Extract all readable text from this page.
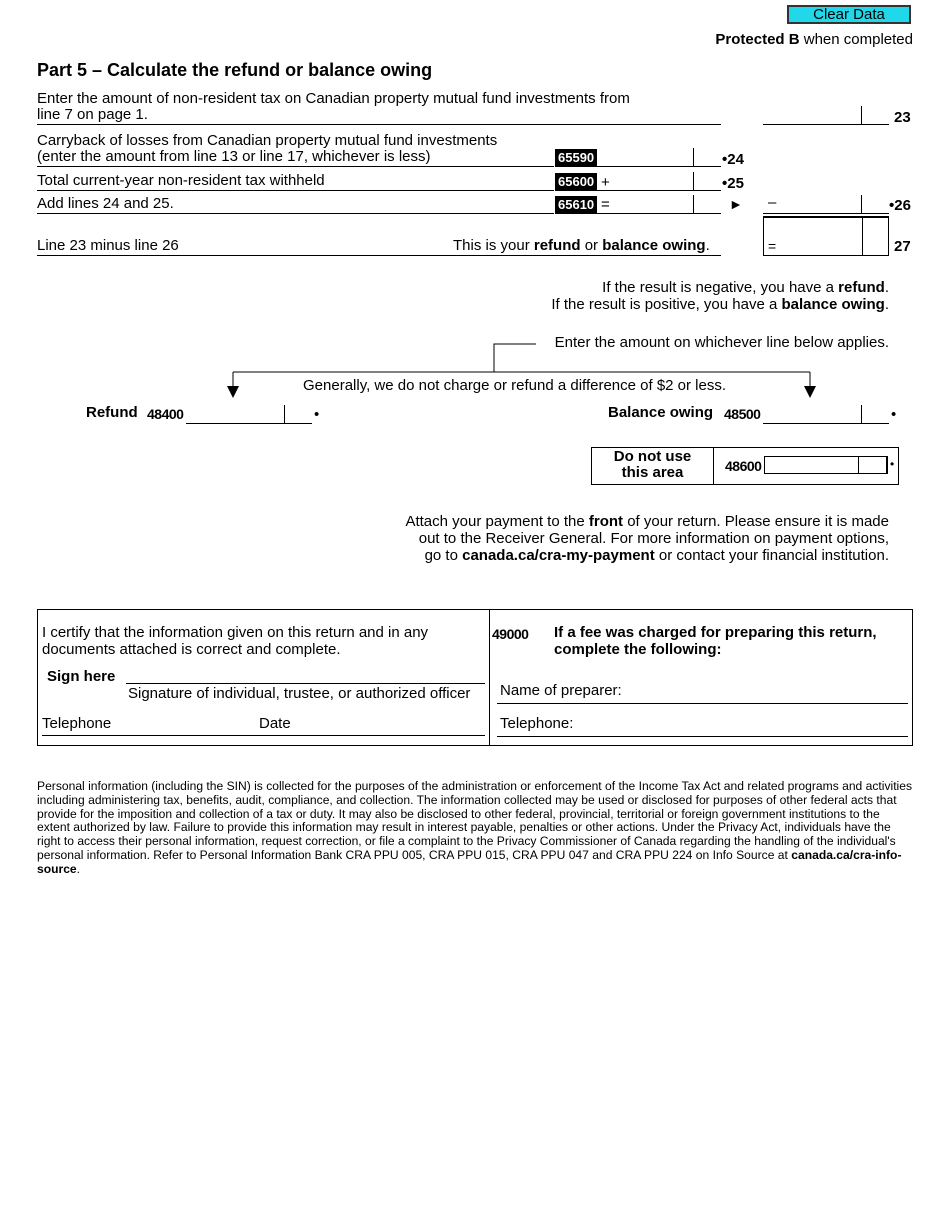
Clear Data
Protected B when completed
Part 5 – Calculate the refund or balance owing
Enter the amount of non-resident tax on Canadian property mutual fund investments from
line 7 on page 1.	23
Carryback of losses from Canadian property mutual fund investments
(enter the amount from line 13 or line 17, whichever is less)	65590	•24
Total current-year non-resident tax withheld	65600 +	•25
Add lines 24 and 25.	65610 =	► –	•26
Line 23 minus line 26	This is your refund or balance owing.	=	27
If the result is negative, you have a refund.
If the result is positive, you have a balance owing.
Enter the amount on whichever line below applies.
Generally, we do not charge or refund a difference of $2 or less.
Refund 48400	•	Balance owing 48500	•
Do not use
this area	48600	•
Attach your payment to the front of your return. Please ensure it is made
out to the Receiver General. For more information on payment options,
go to canada.ca/cra-my-payment or contact your financial institution.
I certify that the information given on this return and in any
documents attached is correct and complete.
Sign here
Signature of individual, trustee, or authorized officer
Telephone	Date
49000 If a fee was charged for preparing this return,
complete the following:
Name of preparer:
Telephone:
Personal information (including the SIN) is collected for the purposes of the administration or enforcement of the Income Tax Act and related programs and activities including administering tax, benefits, audit, compliance, and collection. The information collected may be used or disclosed for purposes of other federal acts that provide for the imposition and collection of a tax or duty. It may also be disclosed to other federal, provincial, territorial or foreign government institutions to the extent authorized by law. Failure to provide this information may result in interest payable, penalties or other actions. Under the Privacy Act, individuals have the right to access their personal information, request correction, or file a complaint to the Privacy Commissioner of Canada regarding the handling of the individual's personal information. Refer to Personal Information Bank CRA PPU 005, CRA PPU 015, CRA PPU 047 and CRA PPU 224 on Info Source at canada.ca/cra-info-source.
